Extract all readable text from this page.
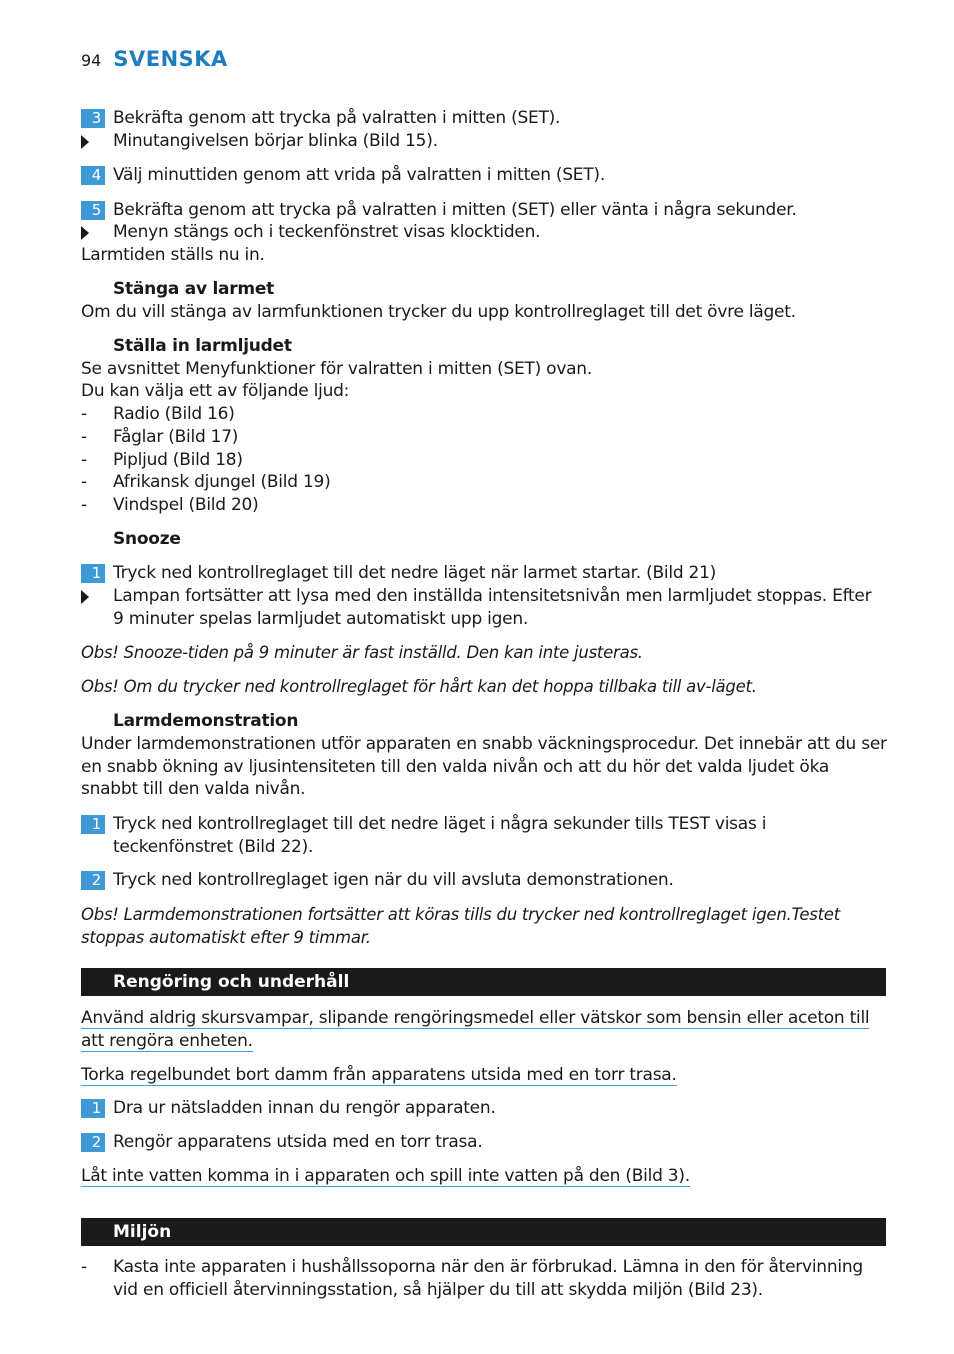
94 SVENSKA
3 Bekräfta genom att trycka på valratten i mitten (SET).
Minutangivelsen börjar blinka (Bild 15).
4 Välj minuttiden genom att vrida på valratten i mitten (SET).
5 Bekräfta genom att trycka på valratten i mitten (SET) eller vänta i några sekunder.
Menyn stängs och i teckenfönstret visas klocktiden.
Larmtiden ställs nu in.
Stänga av larmet
Om du vill stänga av larmfunktionen trycker du upp kontrollreglaget till det övre läget.
Ställa in larmljudet
Se avsnittet Menyfunktioner för valratten i mitten (SET) ovan.
Du kan välja ett av följande ljud:
- Radio (Bild 16)
- Fåglar (Bild 17)
- Pipljud (Bild 18)
- Afrikansk djungel (Bild 19)
- Vindspel (Bild 20)
Snooze
1 Tryck ned kontrollreglaget till det nedre läget när larmet startar. (Bild 21)
Lampan fortsätter att lysa med den inställda intensitetsnivån men larmljudet stoppas. Efter 9 minuter spelas larmljudet automatiskt upp igen.
Obs! Snooze-tiden på 9 minuter är fast inställd. Den kan inte justeras.
Obs! Om du trycker ned kontrollreglaget för hårt kan det hoppa tillbaka till av-läget.
Larmdemonstration
Under larmdemonstrationen utför apparaten en snabb väckningsprocedur. Det innebär att du ser en snabb ökning av ljusintensiteten till den valda nivån och att du hör det valda ljudet öka snabbt till den valda nivån.
1 Tryck ned kontrollreglaget till det nedre läget i några sekunder tills TEST visas i teckenfönstret (Bild 22).
2 Tryck ned kontrollreglaget igen när du vill avsluta demonstrationen.
Obs! Larmdemonstrationen fortsätter att köras tills du trycker ned kontrollreglaget igen.Testet stoppas automatiskt efter 9 timmar.
Rengöring och underhåll
Använd aldrig skursvampar, slipande rengöringsmedel eller vätskor som bensin eller aceton till att rengöra enheten.
Torka regelbundet bort damm från apparatens utsida med en torr trasa.
1 Dra ur nätsladden innan du rengör apparaten.
2 Rengör apparatens utsida med en torr trasa.
Låt inte vatten komma in i apparaten och spill inte vatten på den (Bild 3).
Miljön
- Kasta inte apparaten i hushållssoporna när den är förbrukad. Lämna in den för återvinning vid en officiell återvinningsstation, så hjälper du till att skydda miljön (Bild 23).
